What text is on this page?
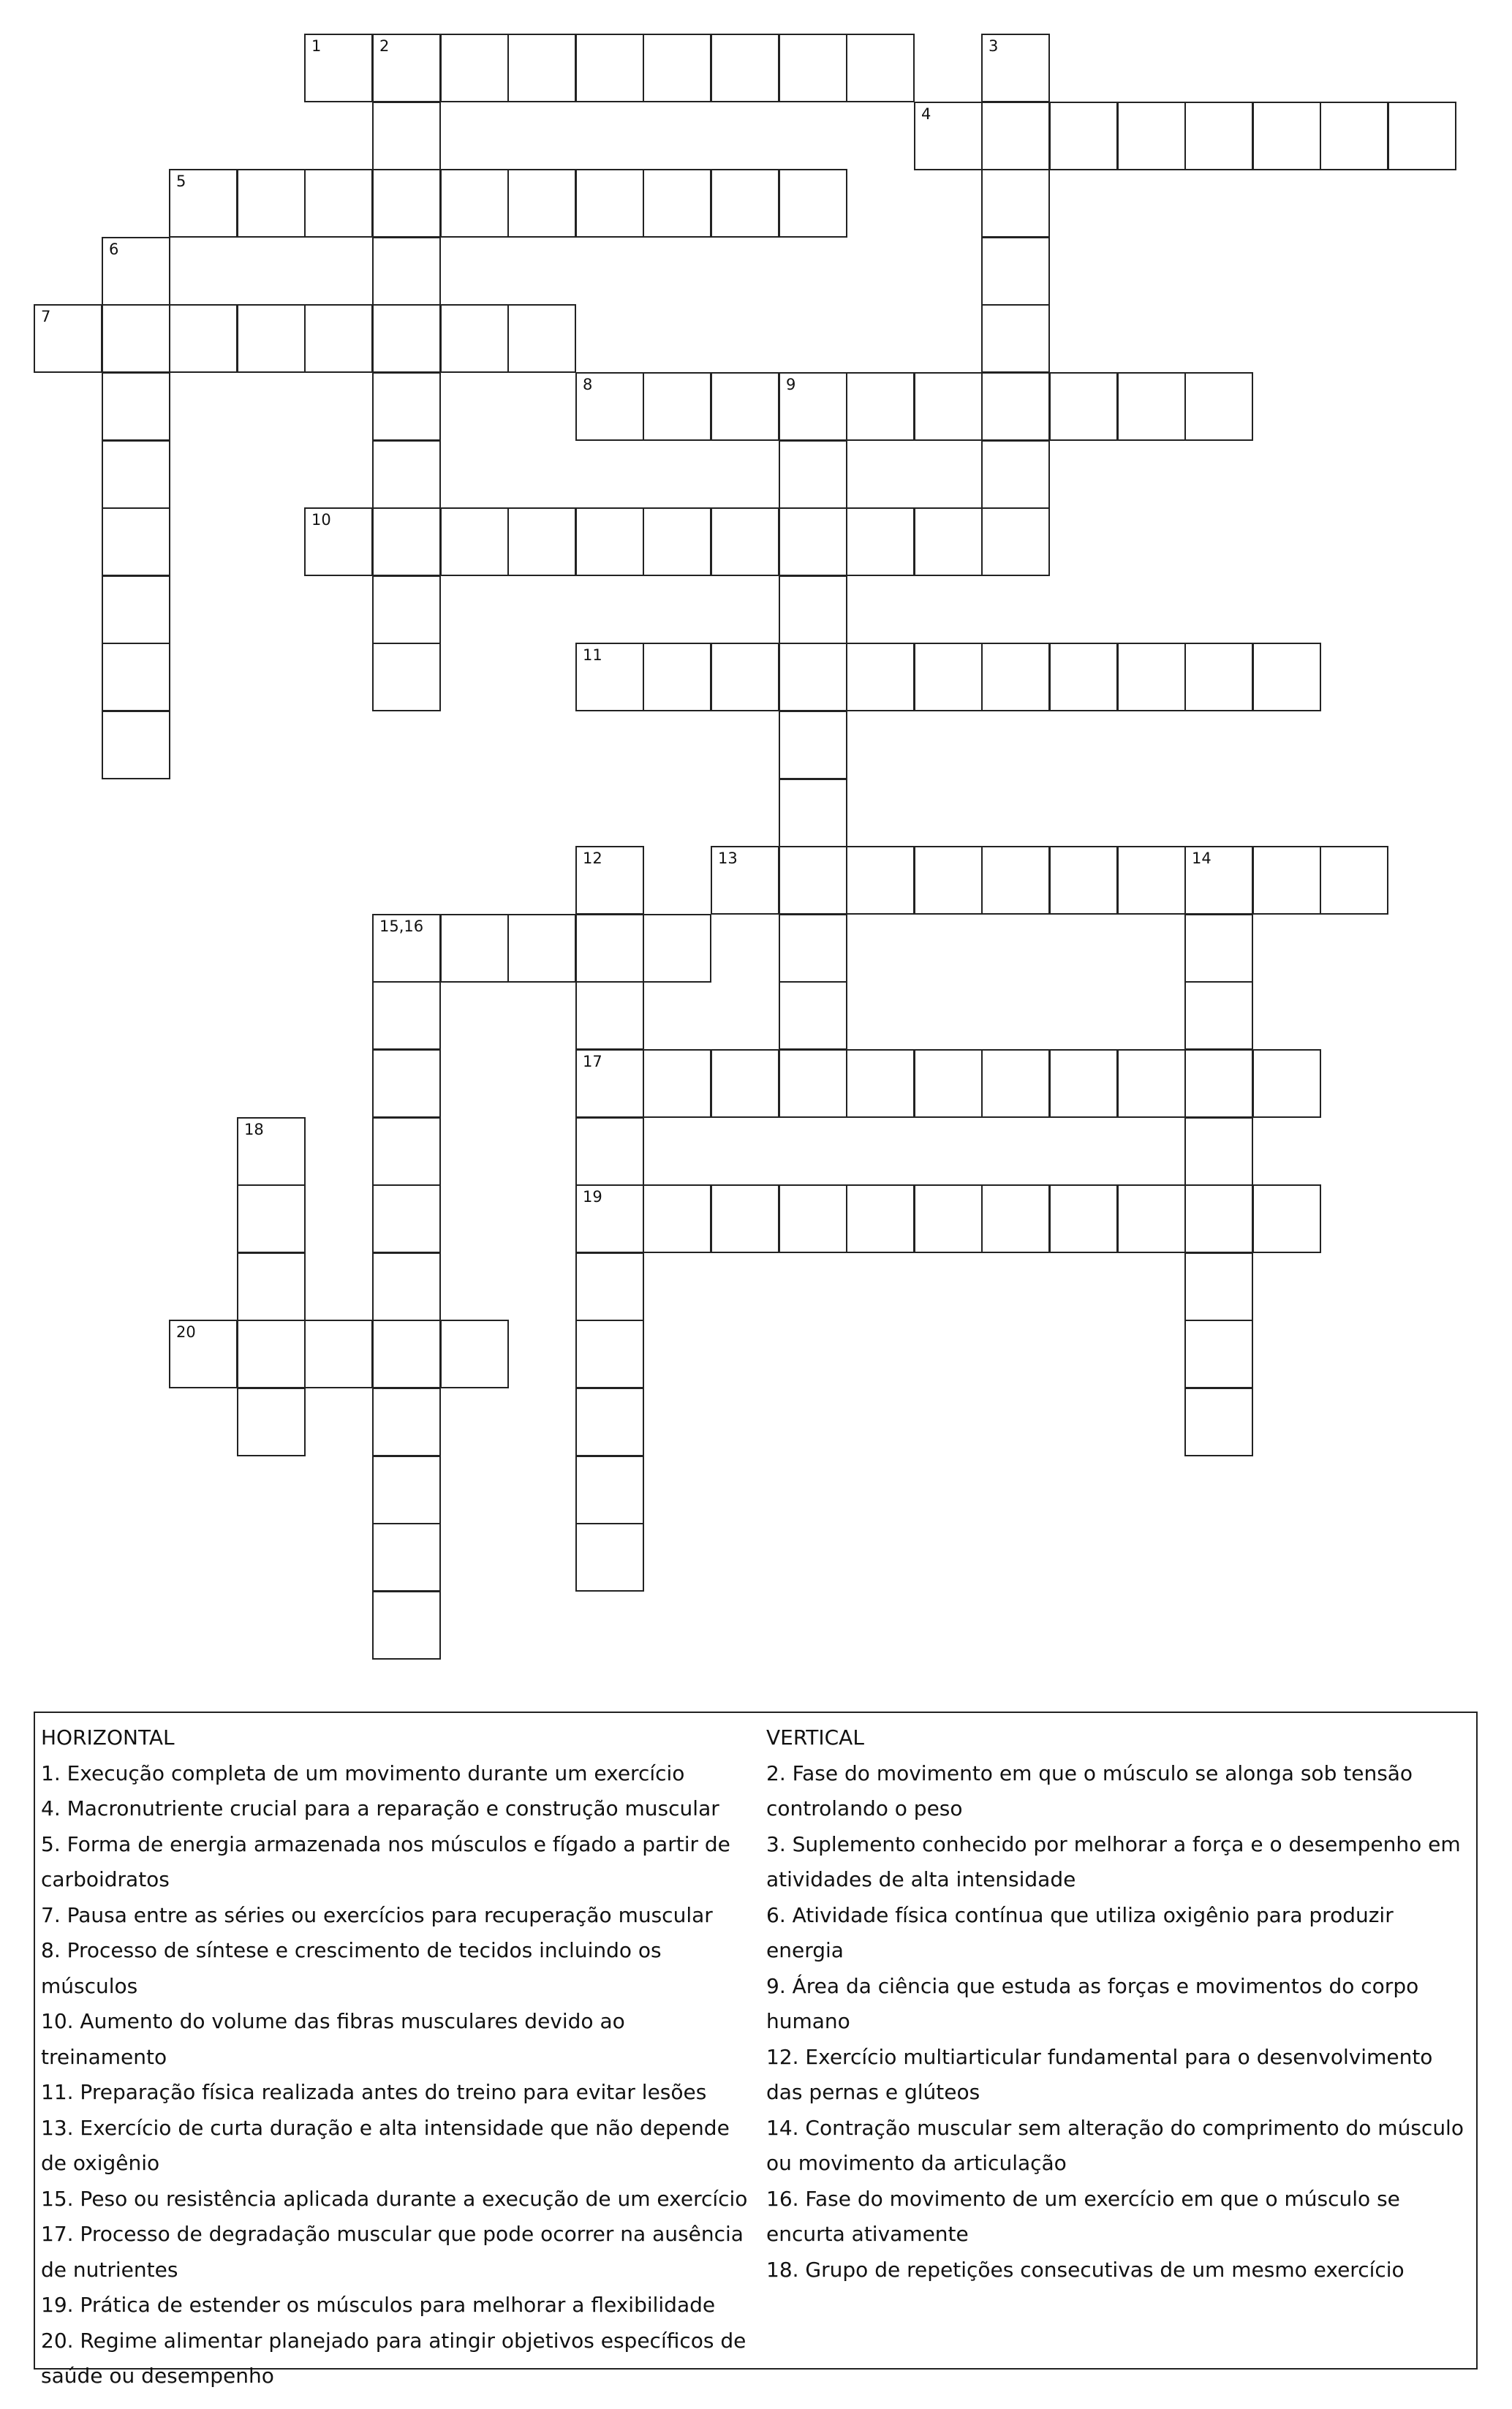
1	2	3
4
5
6
7
8	9
10
11
12	13	14
15,16
17
18
19
20
HORIZONTAL
1. Execução completa de um movimento durante um exercício
4. Macronutriente crucial para a reparação e construção muscular
5. Forma de energia armazenada nos músculos e fígado a partir de carboidratos
7. Pausa entre as séries ou exercícios para recuperação muscular
8. Processo de síntese e crescimento de tecidos incluindo os músculos
10. Aumento do volume das fibras musculares devido ao treinamento
11. Preparação física realizada antes do treino para evitar lesões
13. Exercício de curta duração e alta intensidade que não depende de oxigênio
15. Peso ou resistência aplicada durante a execução de um exercício
17. Processo de degradação muscular que pode ocorrer na ausência de nutrientes
19. Prática de estender os músculos para melhorar a flexibilidade
20. Regime alimentar planejado para atingir objetivos específicos de saúde ou desempenho
VERTICAL
2. Fase do movimento em que o músculo se alonga sob tensão controlando o peso
3. Suplemento conhecido por melhorar a força e o desempenho em atividades de alta intensidade
6. Atividade física contínua que utiliza oxigênio para produzir energia
9. Área da ciência que estuda as forças e movimentos do corpo humano
12. Exercício multiarticular fundamental para o desenvolvimento das pernas e glúteos
14. Contração muscular sem alteração do comprimento do músculo ou movimento da articulação
16. Fase do movimento de um exercício em que o músculo se encurta ativamente
18. Grupo de repetições consecutivas de um mesmo exercício
